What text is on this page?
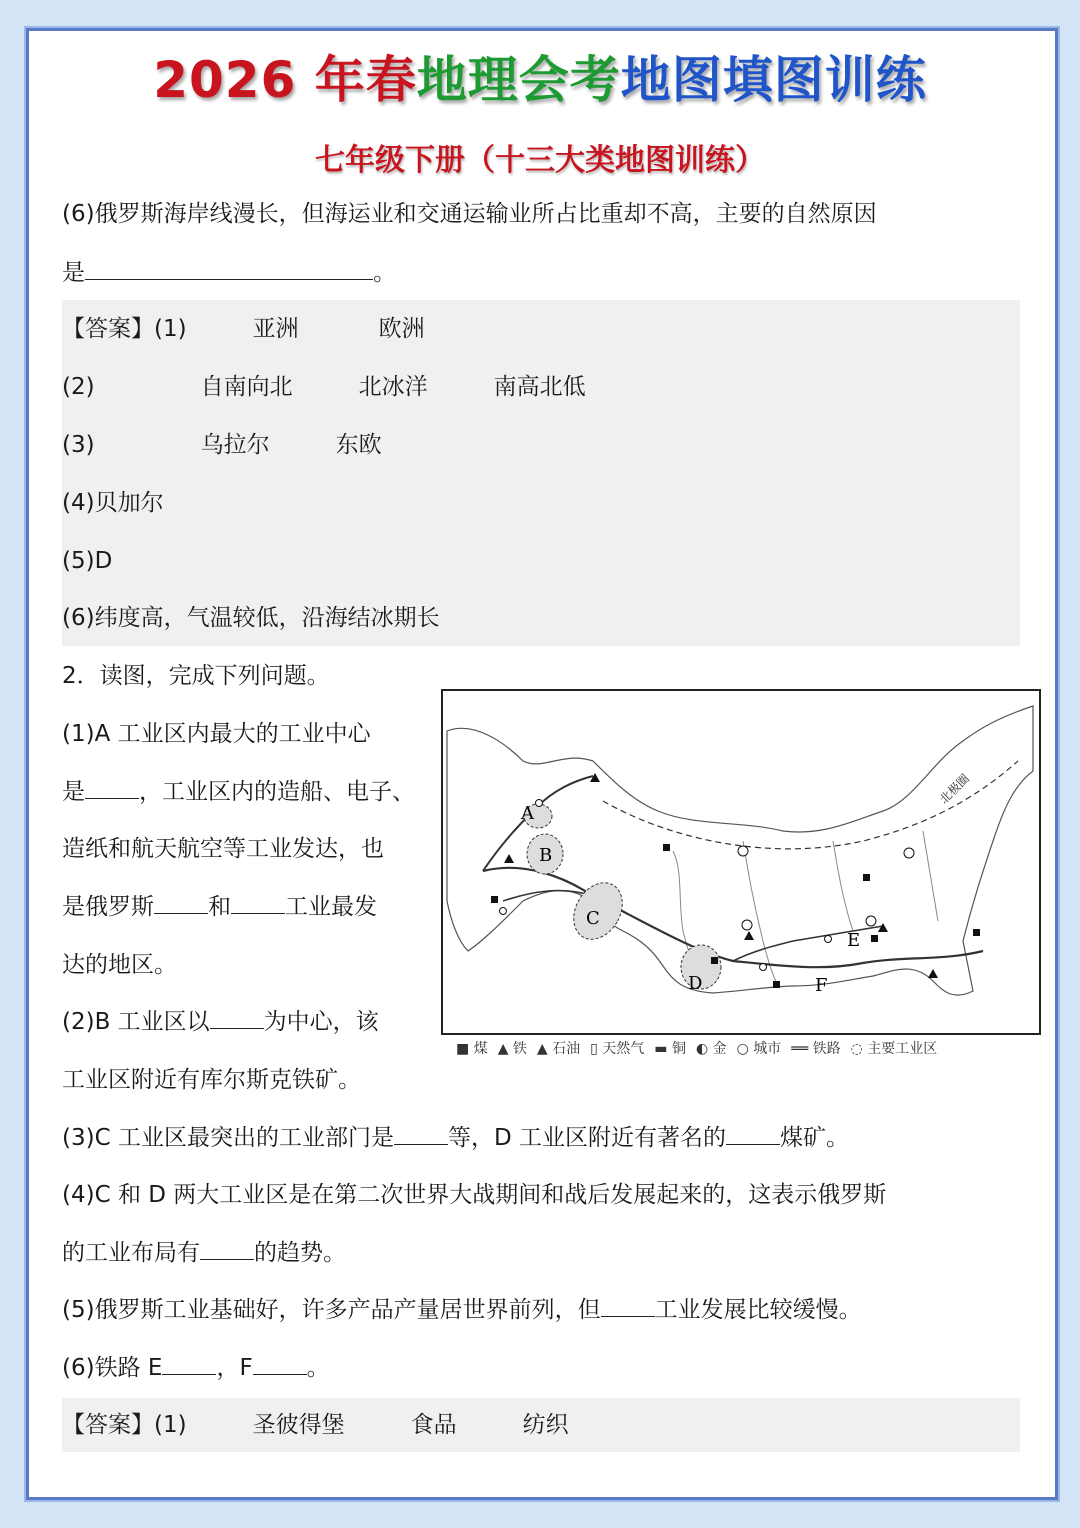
2026 年春地理会考地图填图训练
七年级下册（十三大类地图训练）
(6)俄罗斯海岸线漫长，但海运业和交通运输业所占比重却不高，主要的自然原因
是	。
【答案】(1)	亚洲	欧洲
(2)	自南向北	北冰洋	南高北低
(3)	乌拉尔	东欧
(4)贝加尔
(5)D
(6)纬度高，气温较低，沿海结冰期长
2．读图，完成下列问题。
(1)A 工业区内最大的工业中心
是 ，工业区内的造船、电子、
造纸和航天航空等工业发达，也
是俄罗斯 和 工业最发
达的地区。
(2)B 工业区以 为中心，该
工业区附近有库尔斯克铁矿。
(3)C 工业区最突出的工业部门是 等，D 工业区附近有著名的 煤矿。
(4)C 和 D 两大工业区是在第二次世界大战期间和战后发展起来的，这表示俄罗斯
的工业布局有 的趋势。
(5)俄罗斯工业基础好，许多产品产量居世界前列，但 工业发展比较缓慢。
(6)铁路 E ，F 。
北极圈
A
B
C
D
E
F
■ 煤 ▲ 铁 ▲ 石油 ▯ 天然气 ▬ 铜 ◐ 金 ○ 城市 ══ 铁路 ◌ 主要工业区
【答案】(1)	圣彼得堡	食品	纺织
